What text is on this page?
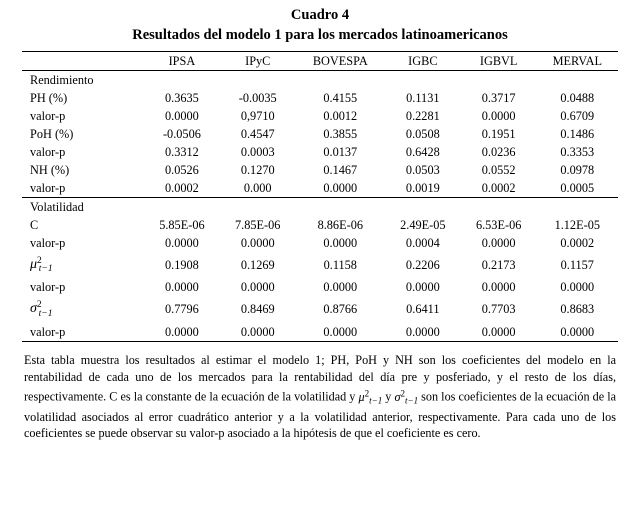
Cuadro 4
Resultados del modelo 1 para los mercados latinoamericanos
	IPSA	IPyC	BOVESPA	IGBC	IGBVL	MERVAL
Rendimiento						
PH (%)	0.3635	-0.0035	0.4155	0.1131	0.3717	0.0488
valor-p	0.0000	0,9710	0.0012	0.2281	0.0000	0.6709
PoH (%)	-0.0506	0.4547	0.3855	0.0508	0.1951	0.1486
valor-p	0.3312	0.0003	0.0137	0.6428	0.0236	0.3353
NH (%)	0.0526	0.1270	0.1467	0.0503	0.0552	0.0978
valor-p	0.0002	0.000	0.0000	0.0019	0.0002	0.0005
Volatilidad						
C	5.85E-06	7.85E-06	8.86E-06	2.49E-05	6.53E-06	1.12E-05
valor-p	0.0000	0.0000	0.0000	0.0004	0.0000	0.0002
μ2t−1	0.1908	0.1269	0.1158	0.2206	0.2173	0.1157
valor-p	0.0000	0.0000	0.0000	0.0000	0.0000	0.0000
σ2t−1	0.7796	0.8469	0.8766	0.6411	0.7703	0.8683
valor-p	0.0000	0.0000	0.0000	0.0000	0.0000	0.0000
Esta tabla muestra los resultados al estimar el modelo 1; PH, PoH y NH son los coeficientes del modelo en la rentabilidad de cada uno de los mercados para la rentabilidad del día pre y posferiado, y el resto de los días, respectivamente. C es la constante de la ecuación de la volatilidad y $\mu^2_{t-1}$ y $\sigma^2_{t-1}$ son los coeficientes de la ecuación de la volatilidad asociados al error cuadrático anterior y a la volatilidad anterior, respectivamente. Para cada uno de los coeficientes se puede observar su valor-p asociado a la hipótesis de que el coeficiente es cero.
